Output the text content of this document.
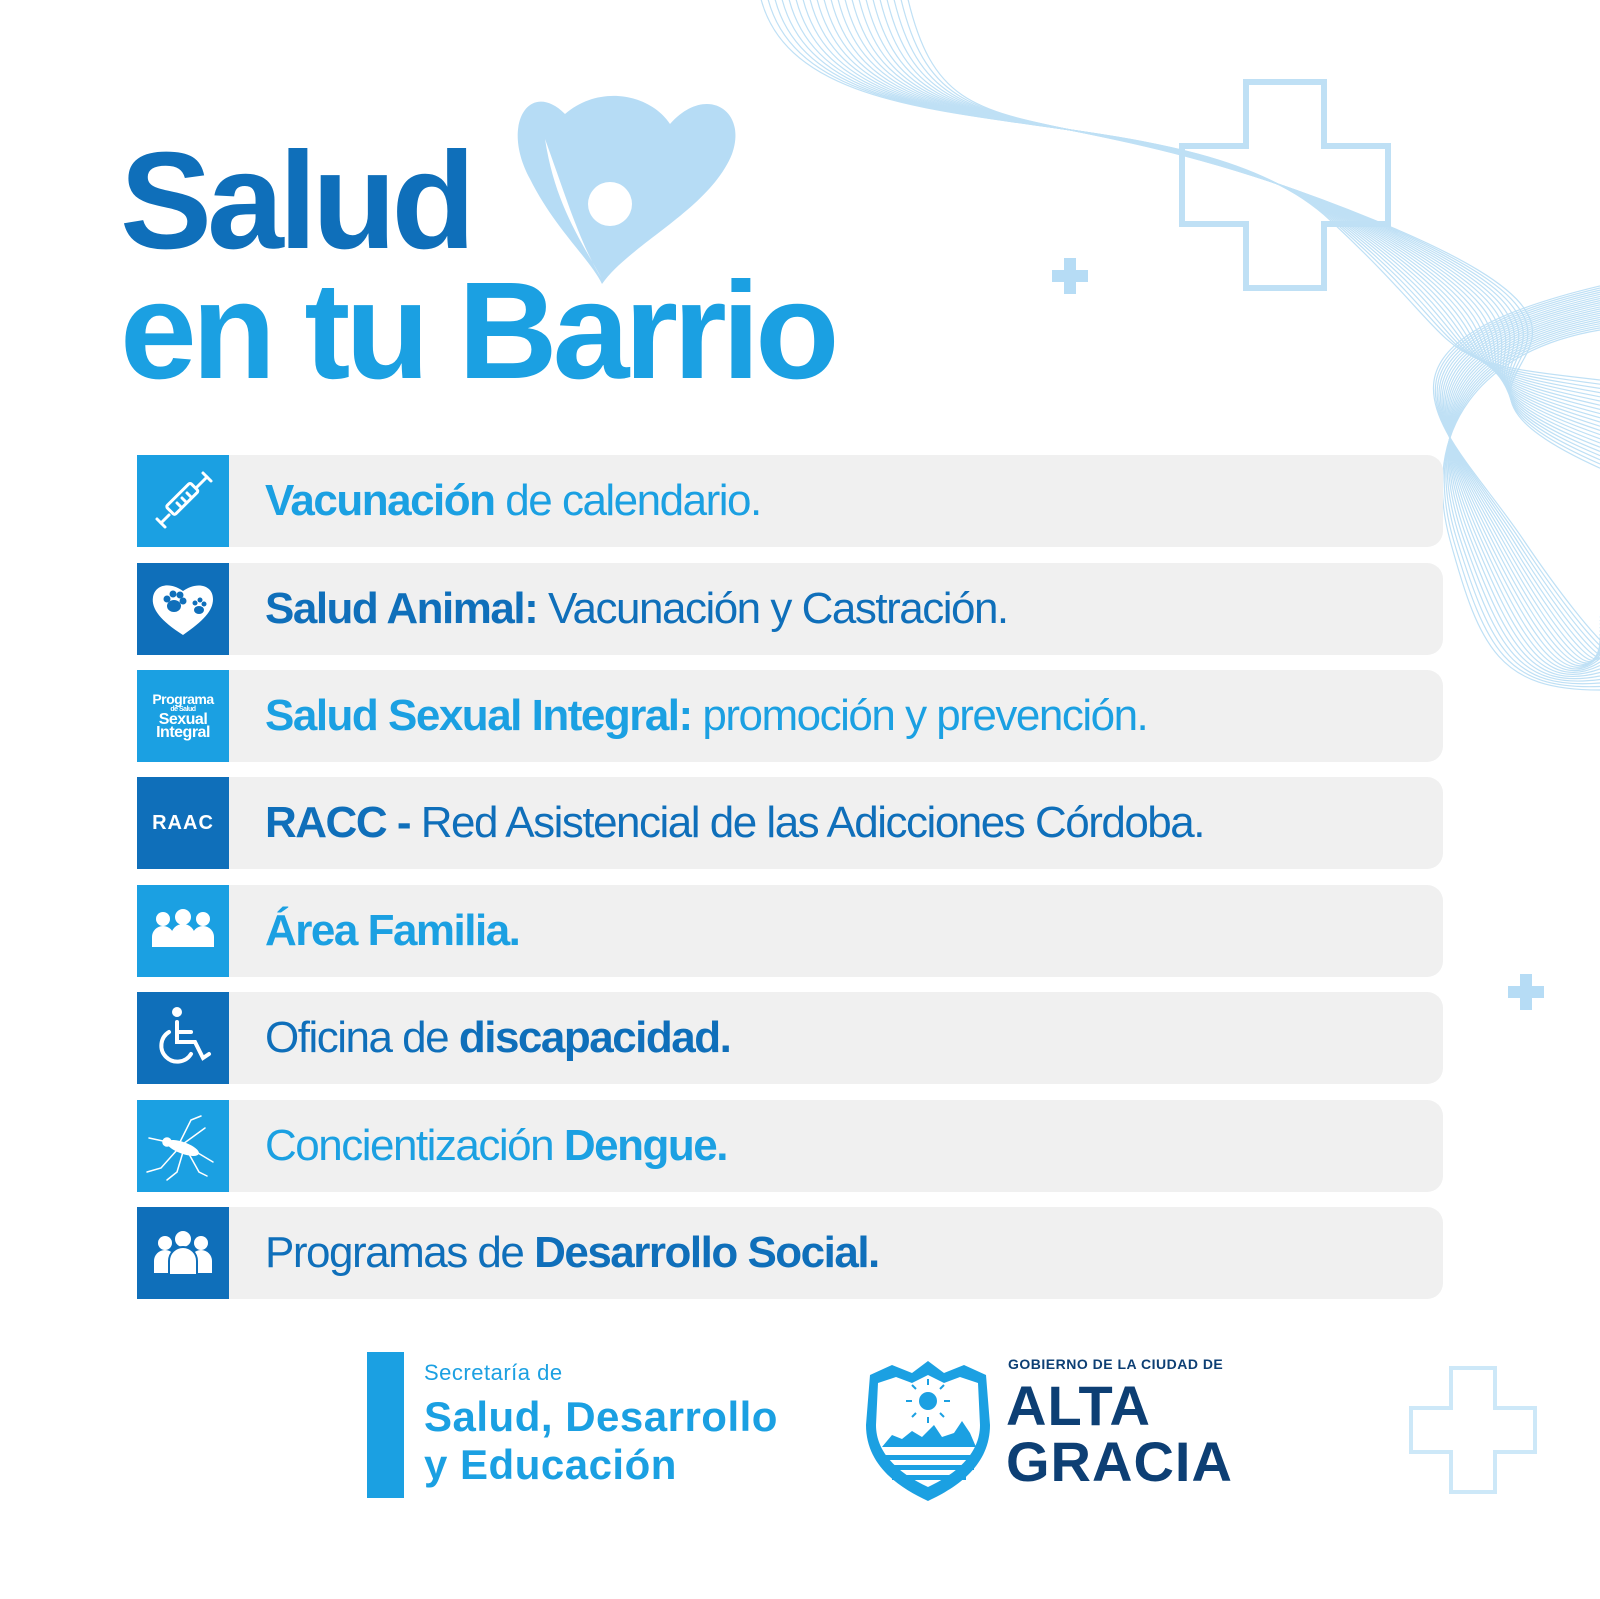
Salud
en tu Barrio
Vacunación de calendario.
Salud Animal: Vacunación y Castración.
Programa
de Salud
Sexual
Integral Salud Sexual Integral: promoción y prevención.
RAAC RACC - Red Asistencial de las Adicciones Córdoba.
Área Familia.
Oficina de discapacidad.
Concientización Dengue.
Programas de Desarrollo Social.
Secretaría de
Salud, Desarrollo
y Educación
GOBIERNO DE LA CIUDAD DE
ALTA
GRACIA
